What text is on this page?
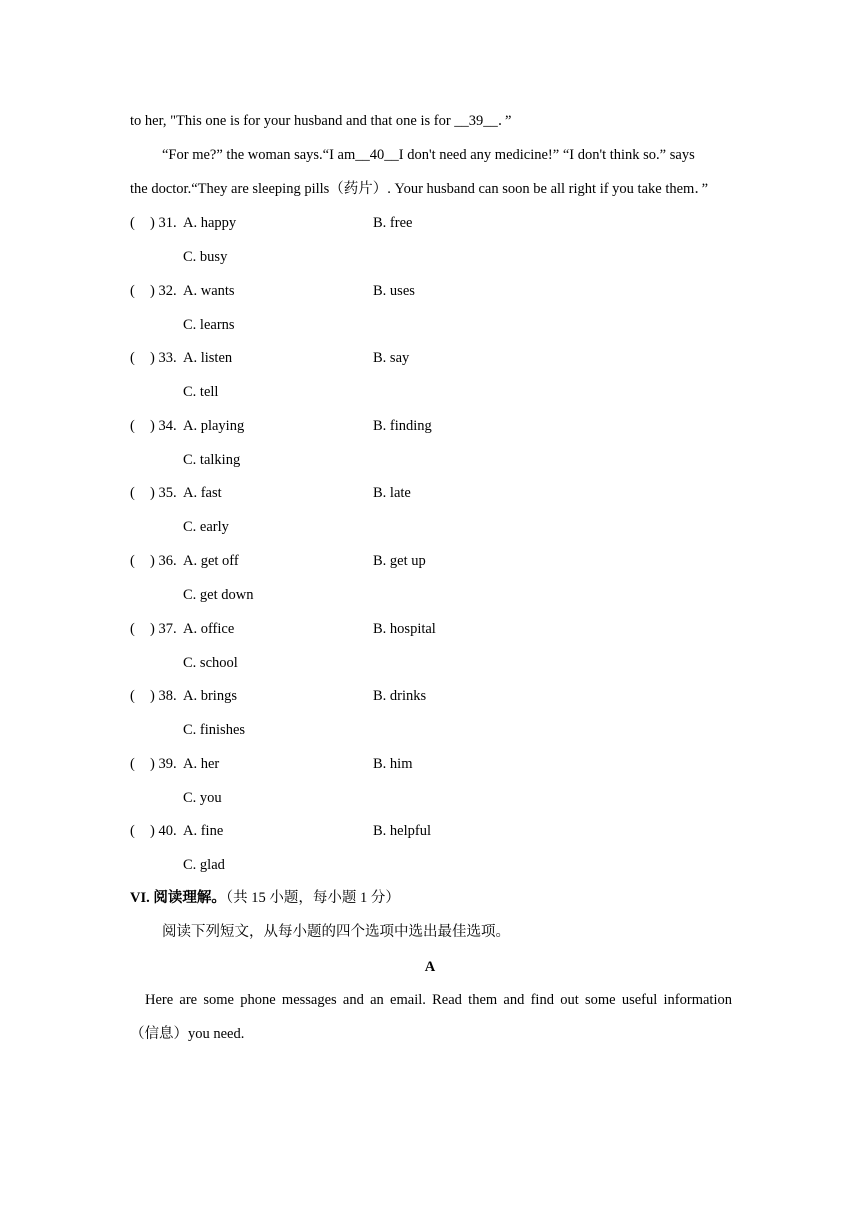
to her, "This one is for your husband and that one is for __39__．”
“For me?” the woman says.“I am__40__I don't need any medicine!” “I don't think so.” says
the doctor.“They are sleeping pills（药片）. Your husband can soon be all right if you take them．”
( ) 31. A. happy	B. free
C. busy
( ) 32. A. wants	B. uses
C. learns
( ) 33. A. listen	B. say
C. tell
( ) 34. A. playing	B. finding
C. talking
( ) 35. A. fast	B. late
C. early
( ) 36. A. get off	B. get up
C. get down
( ) 37. A. office	B. hospital
C. school
( ) 38. A. brings	B. drinks
C. finishes
( ) 39. A. her	B. him
C. you
( ) 40. A. fine	B. helpful
C. glad
VI. 阅读理解。（共 15 小题，每小题 1 分）
阅读下列短文，从每小题的四个选项中选出最佳选项。
A
Here are some phone messages and an email. Read them and find out some useful information
（信息）you need.
